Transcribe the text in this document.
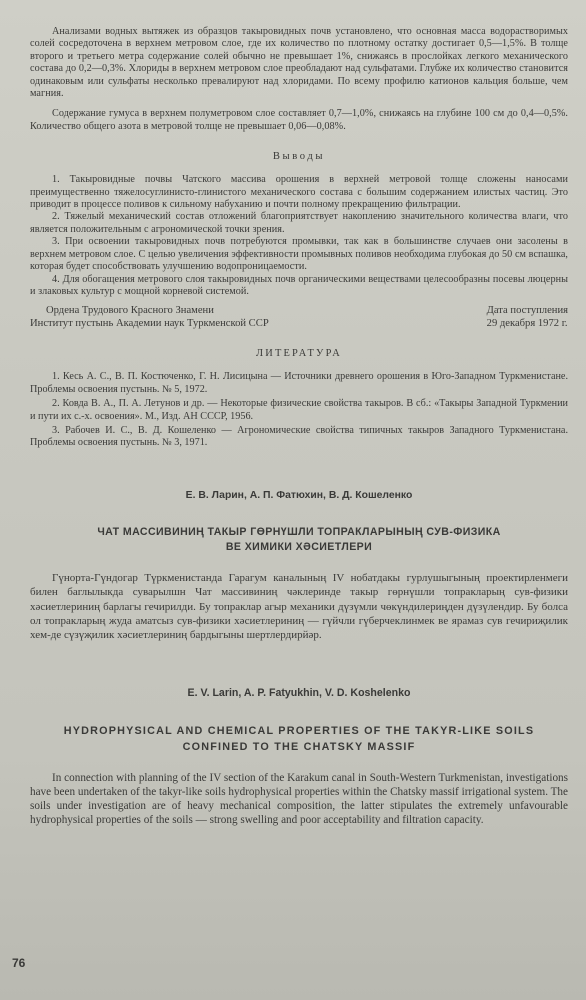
Анализами водных вытяжек из образцов такыровидных почв установлено, что основная масса водорастворимых солей сосредоточена в верхнем метровом слое, где их количество по плотному остатку достигает 0,5—1,5%. В толще второго и третьего метра содержание солей обычно не превышает 1%, снижаясь в прослойках легкого механического состава до 0,2—0,3%. Хлориды в верхнем метровом слое преобладают над сульфатами. Глубже их количество становится одинаковым или сульфаты несколько превалируют над хлоридами. По всему профилю катионов кальция больше, чем магния.

Содержание гумуса в верхнем полуметровом слое составляет 0,7—1,0%, снижаясь на глубине 100 см до 0,4—0,5%. Количество общего азота в метровой толще не превышает 0,06—0,08%.

Выводы

1. Такыровидные почвы Чатского массива орошения в верхней метровой толще сложены наносами преимущественно тяжелосуглинисто-глинистого механического состава с большим содержанием илистых частиц. Это приводит в процессе поливов к сильному набуханию и почти полному прекращению фильтрации.

2. Тяжелый механический состав отложений благоприятствует накоплению значительного количества влаги, что является положительным с агрономической точки зрения.

3. При освоении такыровидных почв потребуются промывки, так как в большинстве случаев они засолены в верхнем метровом слое. С целью увеличения эффективности промывных поливов необходима глубокая до 50 см вспашка, которая будет способствовать улучшению водопроницаемости.

4. Для обогащения метрового слоя такыровидных почв органическими веществами целесообразны посевы люцерны и злаковых культур с мощной корневой системой.

Ордена Трудового Красного Знамени
Институт пустынь Академии наук Туркменской ССР
Дата поступления
29 декабря 1972 г.
ЛИТЕРАТУРА

1. Кесь А. С., В. П. Костюченко, Г. Н. Лисицына — Источники древнего орошения в Юго-Западном Туркменистане. Проблемы освоения пустынь. № 5, 1972.

2. Ковда В. А., П. А. Летунов и др. — Некоторые физические свойства такыров. В сб.: «Такыры Западной Туркмении и пути их с.-х. освоения». М., Изд. АН СССР, 1956.

3. Рабочев И. С., В. Д. Кошеленко — Агрономические свойства типичных такыров Западного Туркменистана. Проблемы освоения пустынь. № 3, 1971.

Е. В. Ларин, А. П. Фатюхин, В. Д. Кошеленко
ЧАТ МАССИВИНИҢ ТАКЫР ГӨРНҮШЛИ ТОПРАКЛАРЫНЫҢ СУВ-ФИЗИКА
ВЕ ХИМИКИ ХӘСИЕТЛЕРИ

Гүнорта-Гүндогар Түркменистанда Гарагум каналының IV нобатдакы гурлушыгының проектирленмеги билен баглылыкда суварылшн Чат массивиниң чәклеринде такыр гөрнүшли топракларың сув-физики хәсиетлериниң барлагы гечирилди. Бу топраклар агыр механики дүзүмли чөкүндилериңден дүзүлендир. Бу болса ол топракларың жуда аматсыз сув-физики хәсиетлериниң — гүйчли гүберчеклинмек ве ярамаз сув гечириҗилик хем-де сүзүҗилик хәсиетлериниң бардыгыны шертлердирйәр.

E. V. Larin, A. P. Fatyukhin, V. D. Koshelenko
HYDROPHYSICAL AND CHEMICAL PROPERTIES OF THE TAKYR-LIKE SOILS
CONFINED TO THE CHATSKY MASSIF

In connection with planning of the IV section of the Karakum canal in South-Western Turkmenistan, investigations have been undertaken of the takyr-like soils hydrophysical properties within the Chatsky massif irrigational system. The soils under investigation are of heavy mechanical composition, the latter stipulates the extremely unfavourable hydrophysical properties of the soils — strong swelling and poor acceptability and filtration capacity.

76
